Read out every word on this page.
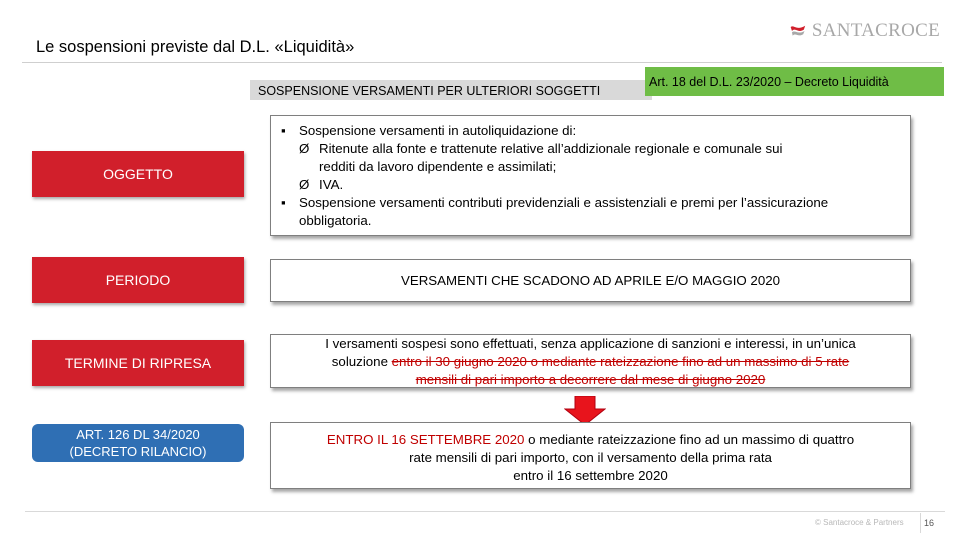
Le sospensioni previste dal D.L. «Liquidità»
SANTACROCE
SOSPENSIONE VERSAMENTI PER ULTERIORI SOGGETTI
Art. 18 del D.L. 23/2020 – Decreto Liquidità
OGGETTO
▪ Sospensione versamenti in autoliquidazione di:
Ø Ritenute alla fonte e trattenute relative all’addizionale regionale e comunale sui
redditi da lavoro dipendente e assimilati;
Ø IVA.
▪ Sospensione versamenti contributi previdenziali e assistenziali e premi per l’assicurazione
obbligatoria.
PERIODO	VERSAMENTI CHE SCADONO AD APRILE E/O MAGGIO 2020
TERMINE DI RIPRESA
I versamenti sospesi sono effettuati, senza applicazione di sanzioni e interessi, in un’unica
soluzione entro il 30 giugno 2020 o mediante rateizzazione fino ad un massimo di 5 rate
mensili di pari importo a decorrere dal mese di giugno 2020
ART. 126 DL 34/2020
(DECRETO RILANCIO)
ENTRO IL 16 SETTEMBRE 2020 o mediante rateizzazione fino ad un massimo di quattro
rate mensili di pari importo, con il versamento della prima rata
entro il 16 settembre 2020
© Santacroce & Partners 16
